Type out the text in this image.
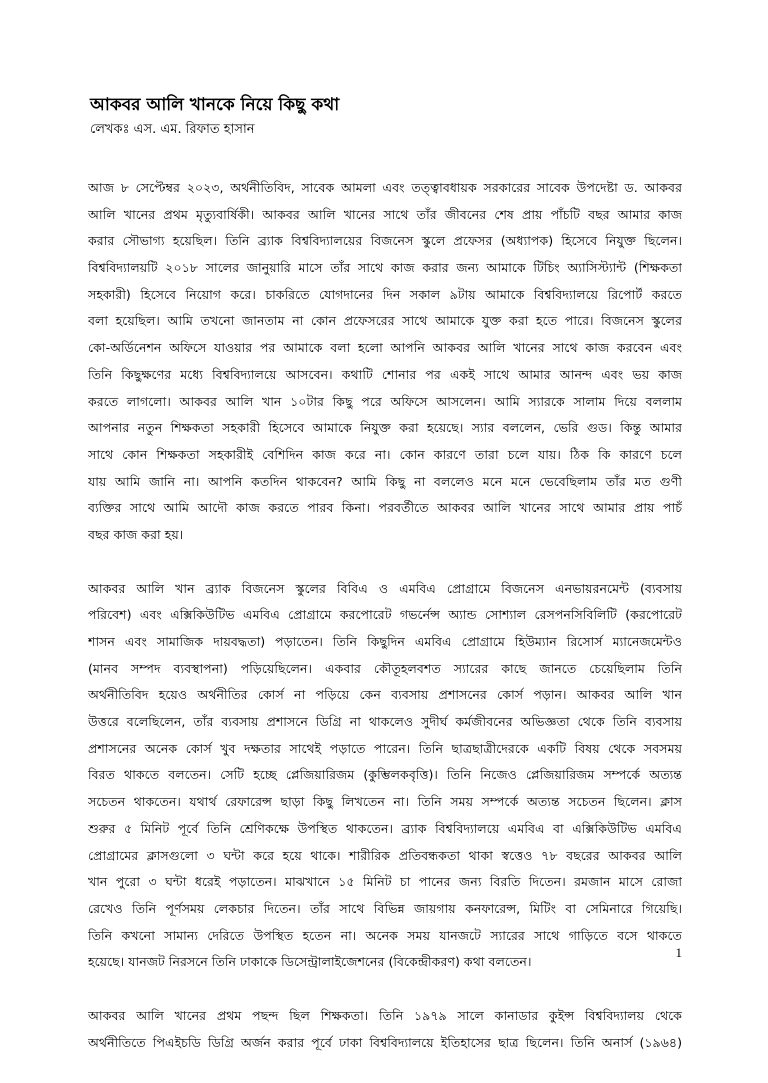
আকবর আলি খানকে নিয়ে কিছু কথা
লেখকঃ এস. এম. রিফাত হাসান
আজ ৮ সেপ্টেম্বর ২০২৩, অর্থনীতিবিদ, সাবেক আমলা এবং তত্ত্বাবধায়ক সরকারের সাবেক উপদেষ্টা ড. আকবর
আলি খানের প্রথম মৃত্যুবার্ষিকী। আকবর আলি খানের সাথে তাঁর জীবনের শেষ প্রায় পাঁচটি বছর আমার কাজ
করার সৌভাগ্য হয়েছিল। তিনি ব্র্যাক বিশ্ববিদ্যালয়ের বিজনেস স্কুলে প্রফেসর (অধ্যাপক) হিসেবে নিযুক্ত ছিলেন।
বিশ্ববিদ্যালয়টি ২০১৮ সালের জানুয়ারি মাসে তাঁর সাথে কাজ করার জন্য আমাকে টিচিং অ্যাসিস্ট্যান্ট (শিক্ষকতা
সহকারী) হিসেবে নিয়োগ করে। চাকরিতে যোগদানের দিন সকাল ৯টায় আমাকে বিশ্ববিদ্যালয়ে রিপোর্ট করতে
বলা হয়েছিল। আমি তখনো জানতাম না কোন প্রফেসরের সাথে আমাকে যুক্ত করা হতে পারে। বিজনেস স্কুলের
কো-অর্ডিনেশন অফিসে যাওয়ার পর আমাকে বলা হলো আপনি আকবর আলি খানের সাথে কাজ করবেন এবং
তিনি কিছুক্ষণের মধ্যে বিশ্ববিদ্যালয়ে আসবেন। কথাটি শোনার পর একই সাথে আমার আনন্দ এবং ভয় কাজ
করতে লাগলো। আকবর আলি খান ১০টার কিছু পরে অফিসে আসলেন। আমি স্যারকে সালাম দিয়ে বললাম
আপনার নতুন শিক্ষকতা সহকারী হিসেবে আমাকে নিযুক্ত করা হয়েছে। স্যার বললেন, ভেরি গুড। কিন্তু আমার
সাথে কোন শিক্ষকতা সহকারীই বেশিদিন কাজ করে না। কোন কারণে তারা চলে যায়। ঠিক কি কারণে চলে
যায় আমি জানি না। আপনি কতদিন থাকবেন? আমি কিছু না বললেও মনে মনে ভেবেছিলাম তাঁর মত গুণী
ব্যক্তির সাথে আমি আদৌ কাজ করতে পারব কিনা। পরবর্তীতে আকবর আলি খানের সাথে আমার প্রায় পাচঁ
বছর কাজ করা হয়।
আকবর আলি খান ব্র্যাক বিজনেস স্কুলের বিবিএ ও এমবিএ প্রোগ্রামে বিজনেস এনভায়রনমেন্ট (ব্যবসায়
পরিবেশ) এবং এক্সিকিউটিভ এমবিএ প্রোগ্রামে করপোরেট গভর্নেন্স অ্যান্ড সোশ্যাল রেসপনসিবিলিটি (করপোরেট
শাসন এবং সামাজিক দায়বদ্ধতা) পড়াতেন। তিনি কিছুদিন এমবিএ প্রোগ্রামে হিউম্যান রিসোর্স ম্যানেজমেন্টও
(মানব সম্পদ ব্যবস্থাপনা) পড়িয়েছিলেন। একবার কৌতূহলবশত স্যারের কাছে জানতে চেয়েছিলাম তিনি
অর্থনীতিবিদ হয়েও অর্থনীতির কোর্স না পড়িয়ে কেন ব্যবসায় প্রশাসনের কোর্স পড়ান। আকবর আলি খান
উত্তরে বলেছিলেন, তাঁর ব্যবসায় প্রশাসনে ডিগ্রি না থাকলেও সুদীর্ঘ কর্মজীবনের অভিজ্ঞতা থেকে তিনি ব্যবসায়
প্রশাসনের অনেক কোর্স খুব দক্ষতার সাথেই পড়াতে পারেন। তিনি ছাত্রছাত্রীদেরকে একটি বিষয় থেকে সবসময়
বিরত থাকতে বলতেন। সেটি হচ্ছে প্লেজিয়ারিজম (কুম্ভিলকবৃত্তি)। তিনি নিজেও প্লেজিয়ারিজম সম্পর্কে অত্যন্ত
সচেতন থাকতেন। যথার্থ রেফারেন্স ছাড়া কিছু লিখতেন না। তিনি সময় সম্পর্কে অত্যন্ত সচেতন ছিলেন। ক্লাস
শুরুর ৫ মিনিট পূর্বে তিনি শ্রেণিকক্ষে উপস্থিত থাকতেন। ব্র্যাক বিশ্ববিদ্যালয়ে এমবিএ বা এক্সিকিউটিভ এমবিএ
প্রোগ্রামের ক্লাসগুলো ৩ ঘন্টা করে হয়ে থাকে। শারীরিক প্রতিবন্ধকতা থাকা স্বত্তেও ৭৮ বছরের আকবর আলি
খান পুরো ৩ ঘন্টা ধরেই পড়াতেন। মাঝখানে ১৫ মিনিট চা পানের জন্য বিরতি দিতেন। রমজান মাসে রোজা
রেখেও তিনি পূর্ণসময় লেকচার দিতেন। তাঁর সাথে বিভিন্ন জায়গায় কনফারেন্স, মিটিং বা সেমিনারে গিয়েছি।
তিনি কখনো সামান্য দেরিতে উপস্থিত হতেন না। অনেক সময় যানজটে স্যারের সাথে গাড়িতে বসে থাকতে
হয়েছে। যানজট নিরসনে তিনি ঢাকাকে ডিসেন্ট্রালাইজেশনের (বিকেন্দ্রীকরণ) কথা বলতেন।
আকবর আলি খানের প্রথম পছন্দ ছিল শিক্ষকতা। তিনি ১৯৭৯ সালে কানাডার কুইন্স বিশ্ববিদ্যালয় থেকে
অর্থনীতিতে পিএইচডি ডিগ্রি অর্জন করার পূর্বে ঢাকা বিশ্ববিদ্যালয়ে ইতিহাসের ছাত্র ছিলেন। তিনি অনার্স (১৯৬৪)
1
